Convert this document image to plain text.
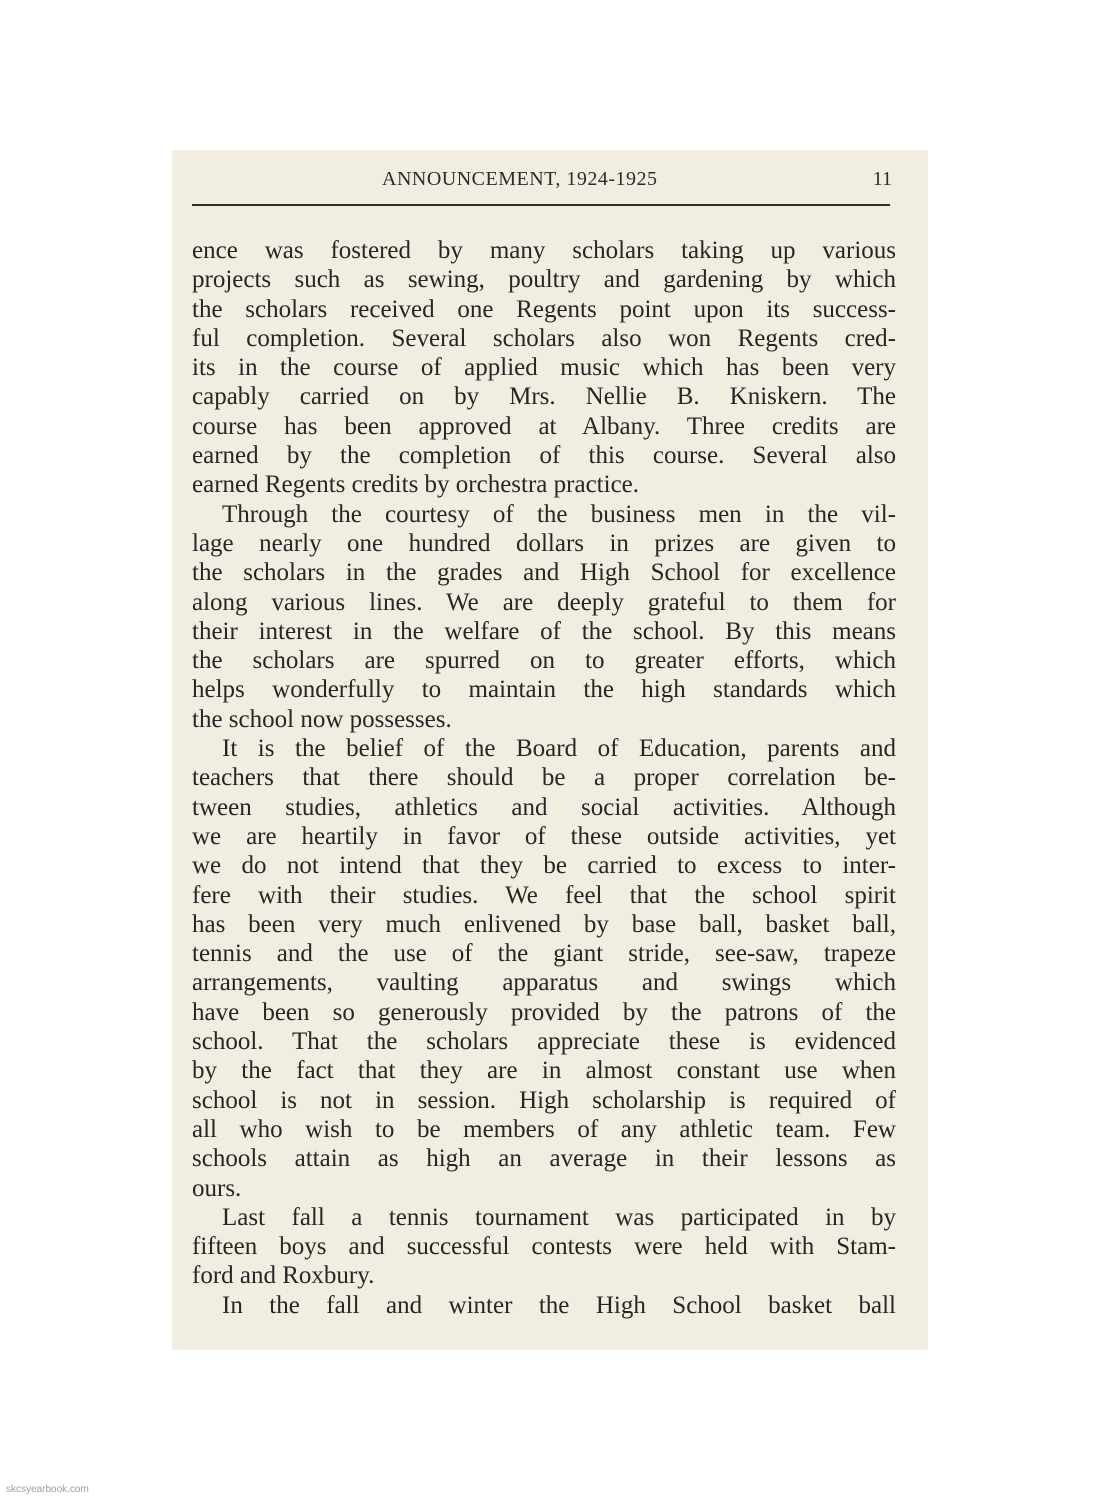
ANNOUNCEMENT, 1924-1925	11
ence was fostered by many scholars taking up various
projects such as sewing, poultry and gardening by which
the scholars received one Regents point upon its success-
ful completion. Several scholars also won Regents cred-
its in the course of applied music which has been very
capably carried on by Mrs. Nellie B. Kniskern. The
course has been approved at Albany. Three credits are
earned by the completion of this course. Several also
earned Regents credits by orchestra practice.
Through the courtesy of the business men in the vil-
lage nearly one hundred dollars in prizes are given to
the scholars in the grades and High School for excellence
along various lines. We are deeply grateful to them for
their interest in the welfare of the school. By this means
the scholars are spurred on to greater efforts, which
helps wonderfully to maintain the high standards which
the school now possesses.
It is the belief of the Board of Education, parents and
teachers that there should be a proper correlation be-
tween studies, athletics and social activities. Although
we are heartily in favor of these outside activities, yet
we do not intend that they be carried to excess to inter-
fere with their studies. We feel that the school spirit
has been very much enlivened by base ball, basket ball,
tennis and the use of the giant stride, see-saw, trapeze
arrangements, vaulting apparatus and swings which
have been so generously provided by the patrons of the
school. That the scholars appreciate these is evidenced
by the fact that they are in almost constant use when
school is not in session. High scholarship is required of
all who wish to be members of any athletic team. Few
schools attain as high an average in their lessons as
ours.
Last fall a tennis tournament was participated in by
fifteen boys and successful contests were held with Stam-
ford and Roxbury.
In the fall and winter the High School basket ball
skcsyearbook.com
